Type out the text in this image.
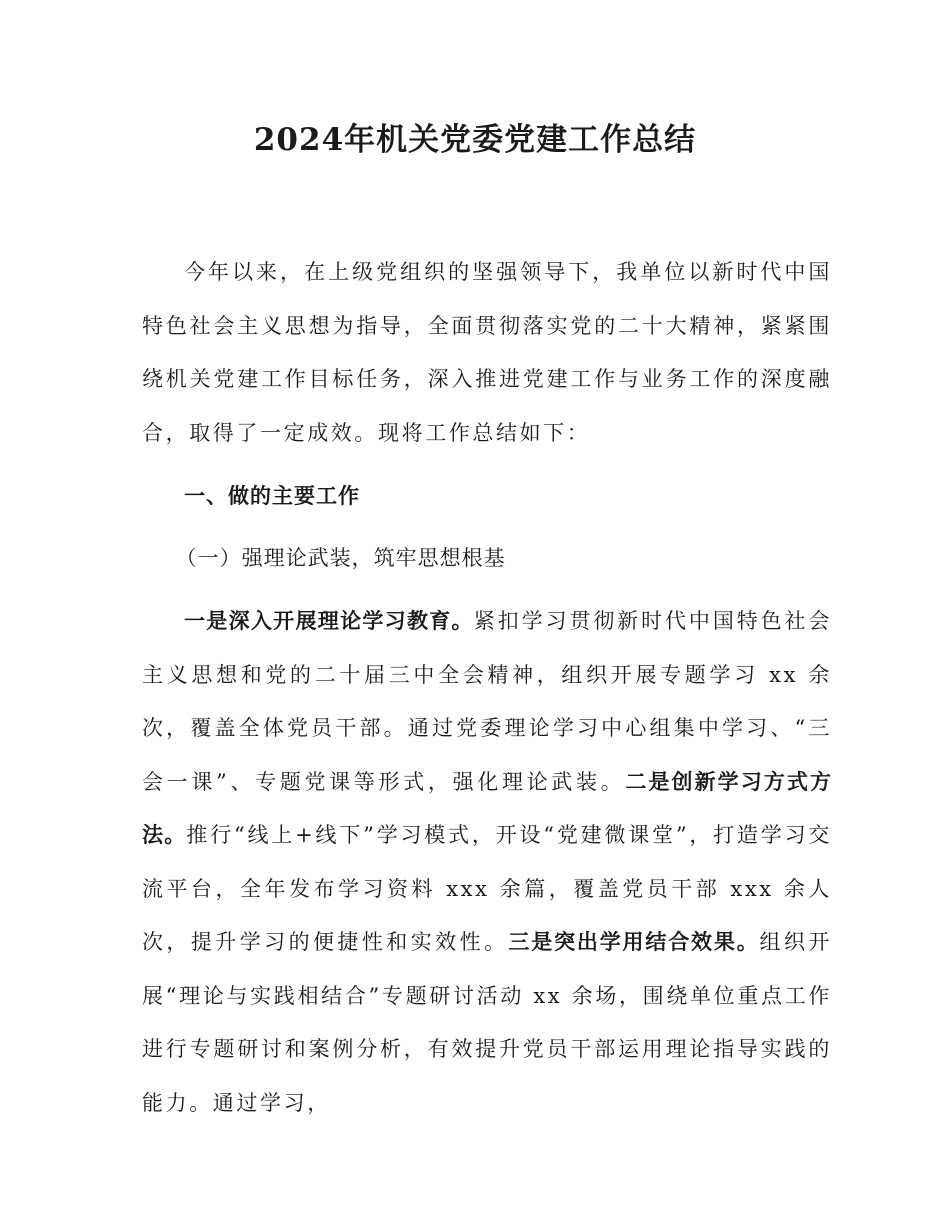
2024年机关党委党建工作总结

今年以来，在上级党组织的坚强领导下，我单位以新时代中国特色社会主义思想为指导，全面贯彻落实党的二十大精神，紧紧围绕机关党建工作目标任务，深入推进党建工作与业务工作的深度融合，取得了一定成效。现将工作总结如下：

一、做的主要工作

（一）强理论武装，筑牢思想根基

一是深入开展理论学习教育。紧扣学习贯彻新时代中国特色社会主义思想和党的二十届三中全会精神，组织开展专题学习 xx 余次，覆盖全体党员干部。通过党委理论学习中心组集中学习、“三会一课”、专题党课等形式，强化理论武装。二是创新学习方式方法。推行“线上+线下”学习模式，开设“党建微课堂”，打造学习交流平台，全年发布学习资料 xxx 余篇，覆盖党员干部 xxx 余人次，提升学习的便捷性和实效性。三是突出学用结合效果。组织开展“理论与实践相结合”专题研讨活动 xx 余场，围绕单位重点工作进行专题研讨和案例分析，有效提升党员干部运用理论指导实践的能力。通过学习，
